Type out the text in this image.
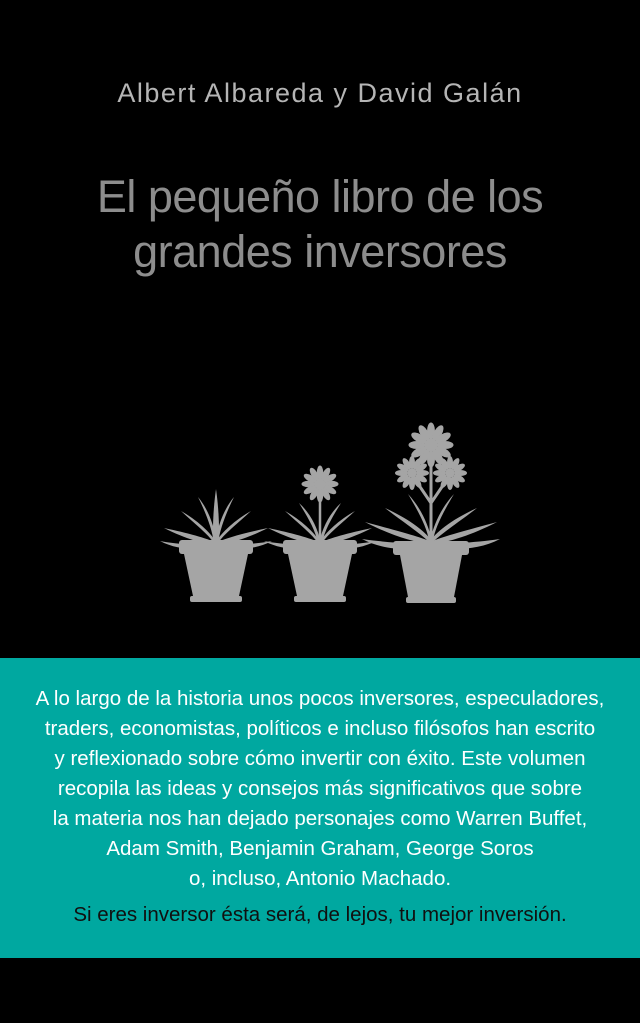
Albert Albareda y David Galán
El pequeño libro de los
grandes inversores
A lo largo de la historia unos pocos inversores, especuladores,
traders, economistas, políticos e incluso filósofos han escrito
y reflexionado sobre cómo invertir con éxito. Este volumen
recopila las ideas y consejos más significativos que sobre
la materia nos han dejado personajes como Warren Buffet,
Adam Smith, Benjamin Graham, George Soros
o, incluso, Antonio Machado.
Si eres inversor ésta será, de lejos, tu mejor inversión.
